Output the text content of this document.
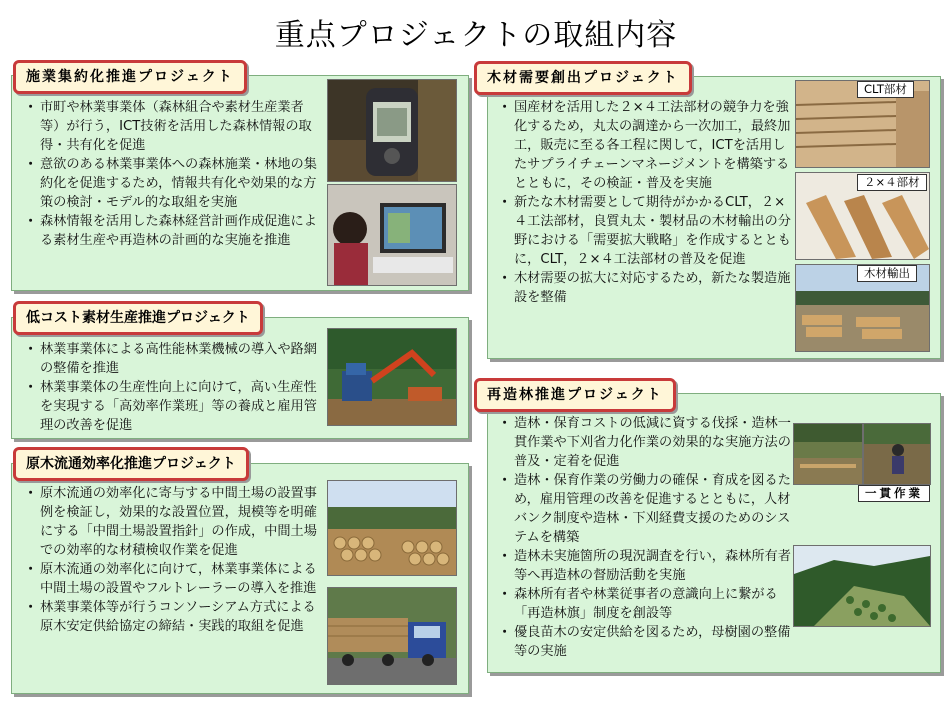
重点プロジェクトの取組内容
施業集約化推進プロジェクト
・ 市町や林業事業体（森林組合や素材生産業者等）が行う，ICT技術を活用した森林情報の取得・共有化を促進
・ 意欲のある林業事業体への森林施業・林地の集約化を促進するため，情報共有化や効果的な方策の検討・モデル的な取組を実施
・ 森林情報を活用した森林経営計画作成促進による素材生産や再造林の計画的な実施を推進
低コスト素材生産推進プロジェクト
・ 林業事業体による高性能林業機械の導入や路網の整備を推進
・ 林業事業体の生産性向上に向けて，高い生産性を実現する「高効率作業班」等の養成と雇用管理の改善を促進
原木流通効率化推進プロジェクト
・ 原木流通の効率化に寄与する中間土場の設置事例を検証し，効果的な設置位置，規模等を明確にする「中間土場設置指針」の作成，中間土場での効率的な材積検収作業を促進
・ 原木流通の効率化に向けて，林業事業体による中間土場の設置やフルトレーラーの導入を推進
・ 林業事業体等が行うコンソーシアム方式による原木安定供給協定の締結・実践的取組を促進
木材需要創出プロジェクト
・ 国産材を活用した２×４工法部材の競争力を強化するため，丸太の調達から一次加工，最終加工，販売に至る各工程に関して，ICTを活用したサプライチェーンマネージメントを構築するとともに，その検証・普及を実施
・ 新たな木材需要として期待がかかるCLT，２×４工法部材，良質丸太・製材品の木材輸出の分野における「需要拡大戦略」を作成するとともに，CLT，２×４工法部材の普及を促進
・ 木材需要の拡大に対応するため，新たな製造施設を整備
CLT部材
２×４部材
木材輸出
再造林推進プロジェクト
・ 造林・保育コストの低減に資する伐採・造林一貫作業や下刈省力化作業の効果的な実施方法の普及・定着を促進
・ 造林・保育作業の労働力の確保・育成を図るため，雇用管理の改善を促進するとともに，人材バンク制度や造林・下刈経費支援のためのシステムを構築
・ 造林未実施箇所の現況調査を行い，森林所有者等へ再造林の督励活動を実施
・ 森林所有者や林業従事者の意識向上に繋がる「再造林旗」制度を創設等
・ 優良苗木の安定供給を図るため，母樹園の整備等の実施
一貫作業
